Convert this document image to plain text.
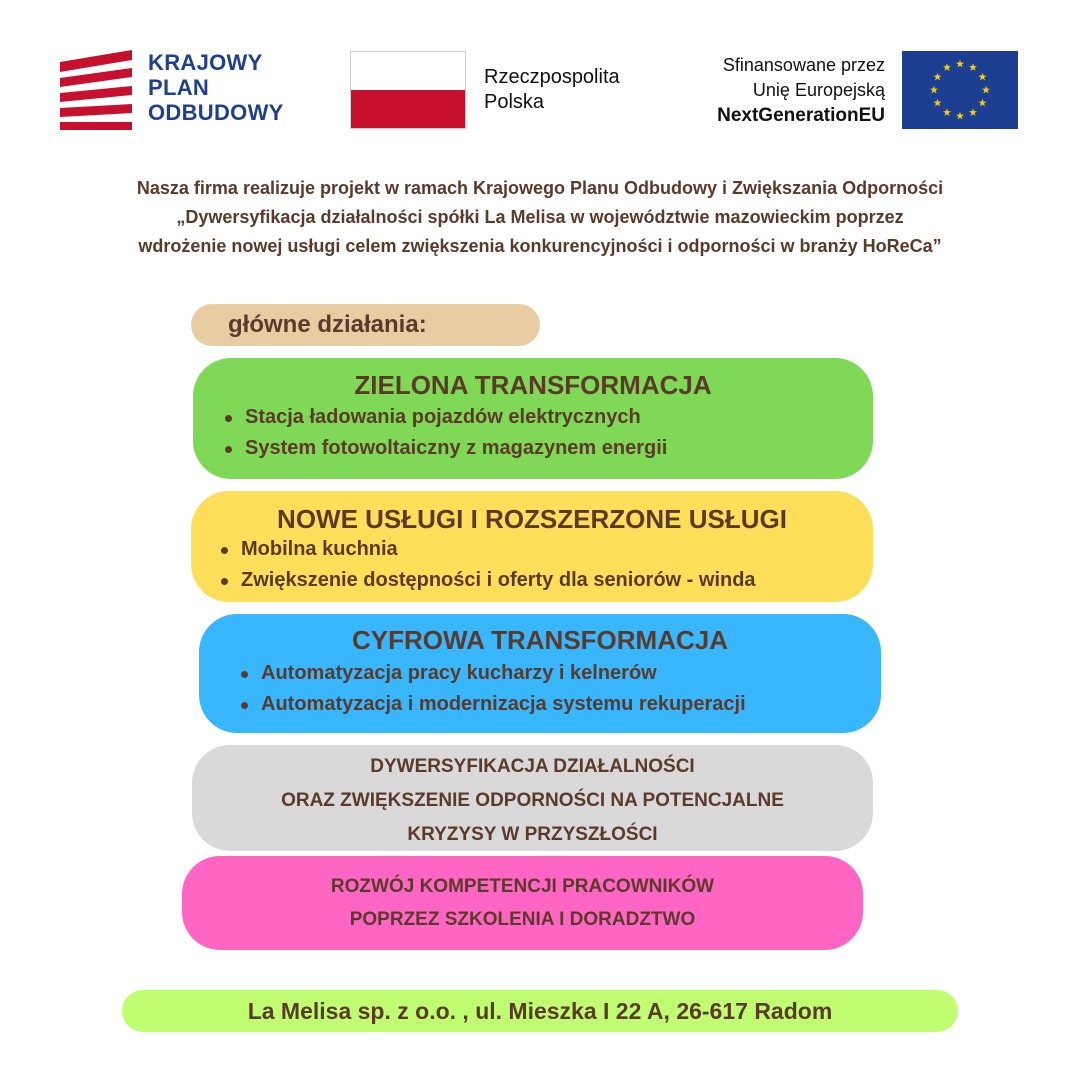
KRAJOWY
PLAN
ODBUDOWY
Rzeczpospolita
Polska
Sfinansowane przez
Unię Europejską
NextGenerationEU
Nasza firma realizuje projekt w ramach Krajowego Planu Odbudowy i Zwiększania Odporności
„Dywersyfikacja działalności spółki La Melisa w województwie mazowieckim poprzez
wdrożenie nowej usługi celem zwiększenia konkurencyjności i odporności w branży HoReCa”
główne działania:
ZIELONA TRANSFORMACJA
Stacja ładowania pojazdów elektrycznych
System fotowoltaiczny z magazynem energii
NOWE USŁUGI I ROZSZERZONE USŁUGI
Mobilna kuchnia
Zwiększenie dostępności i oferty dla seniorów - winda
CYFROWA TRANSFORMACJA
Automatyzacja pracy kucharzy i kelnerów
Automatyzacja i modernizacja systemu rekuperacji
DYWERSYFIKACJA DZIAŁALNOŚCI
ORAZ ZWIĘKSZENIE ODPORNOŚCI NA POTENCJALNE
KRYZYSY W PRZYSZŁOŚCI
ROZWÓJ KOMPETENCJI PRACOWNIKÓW
POPRZEZ SZKOLENIA I DORADZTWO
La Melisa sp. z o.o. , ul. Mieszka I 22 A, 26-617 Radom
